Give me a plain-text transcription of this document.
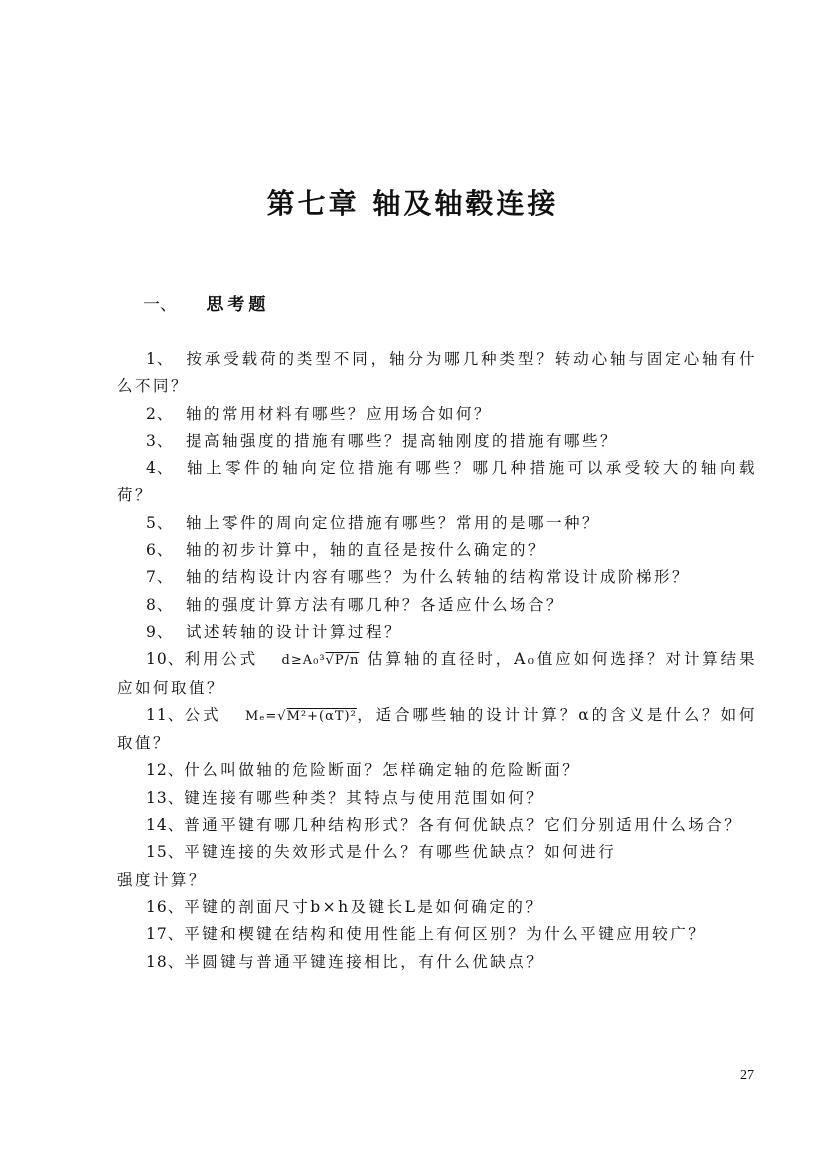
第七章 轴及轴毂连接
一、 思考题

1、 按承受载荷的类型不同，轴分为哪几种类型？转动心轴与固定心轴有什么不同？

2、 轴的常用材料有哪些？应用场合如何？

3、 提高轴强度的措施有哪些？提高轴刚度的措施有哪些？

4、 轴上零件的轴向定位措施有哪些？哪几种措施可以承受较大的轴向载荷？

5、 轴上零件的周向定位措施有哪些？常用的是哪一种？

6、 轴的初步计算中，轴的直径是按什么确定的？

7、 轴的结构设计内容有哪些？为什么转轴的结构常设计成阶梯形？

8、 轴的强度计算方法有哪几种？各适应什么场合？

9、 试述转轴的设计计算过程？

10、利用公式 d≥A₀³√P/n 估算轴的直径时，A₀值应如何选择？对计算结果应如何取值？

11、公式 Mₑ=√M²+(αT)²，适合哪些轴的设计计算？α的含义是什么？如何取值？

12、什么叫做轴的危险断面？怎样确定轴的危险断面？

13、键连接有哪些种类？其特点与使用范围如何？

14、普通平键有哪几种结构形式？各有何优缺点？它们分别适用什么场合？

15、平键连接的失效形式是什么？有哪些优缺点？如何进行

强度计算？

16、平键的剖面尺寸b×h及键长L是如何确定的？

17、平键和楔键在结构和使用性能上有何区别？为什么平键应用较广？

18、半圆键与普通平键连接相比，有什么优缺点？

27
